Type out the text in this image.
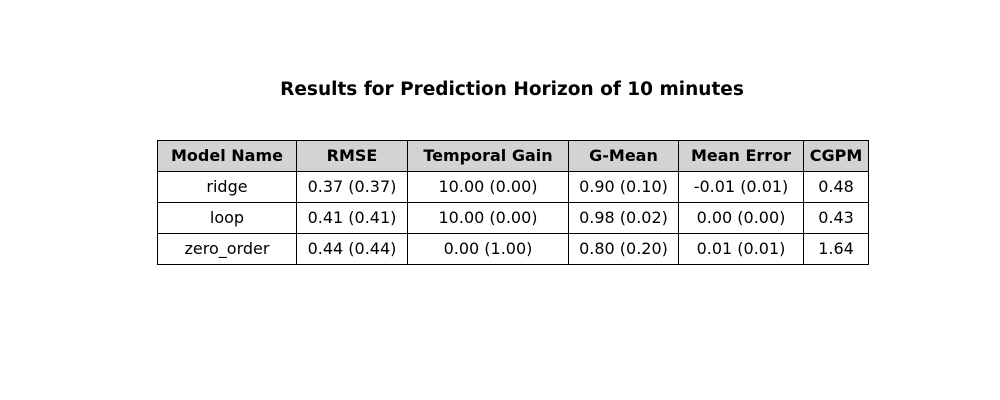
Results for Prediction Horizon of 10 minutes
Model Name	RMSE	Temporal Gain	G-Mean	Mean Error	CGPM
ridge	0.37 (0.37)	10.00 (0.00)	0.90 (0.10)	-0.01 (0.01)	0.48
loop	0.41 (0.41)	10.00 (0.00)	0.98 (0.02)	0.00 (0.00)	0.43
zero_order	0.44 (0.44)	0.00 (1.00)	0.80 (0.20)	0.01 (0.01)	1.64
